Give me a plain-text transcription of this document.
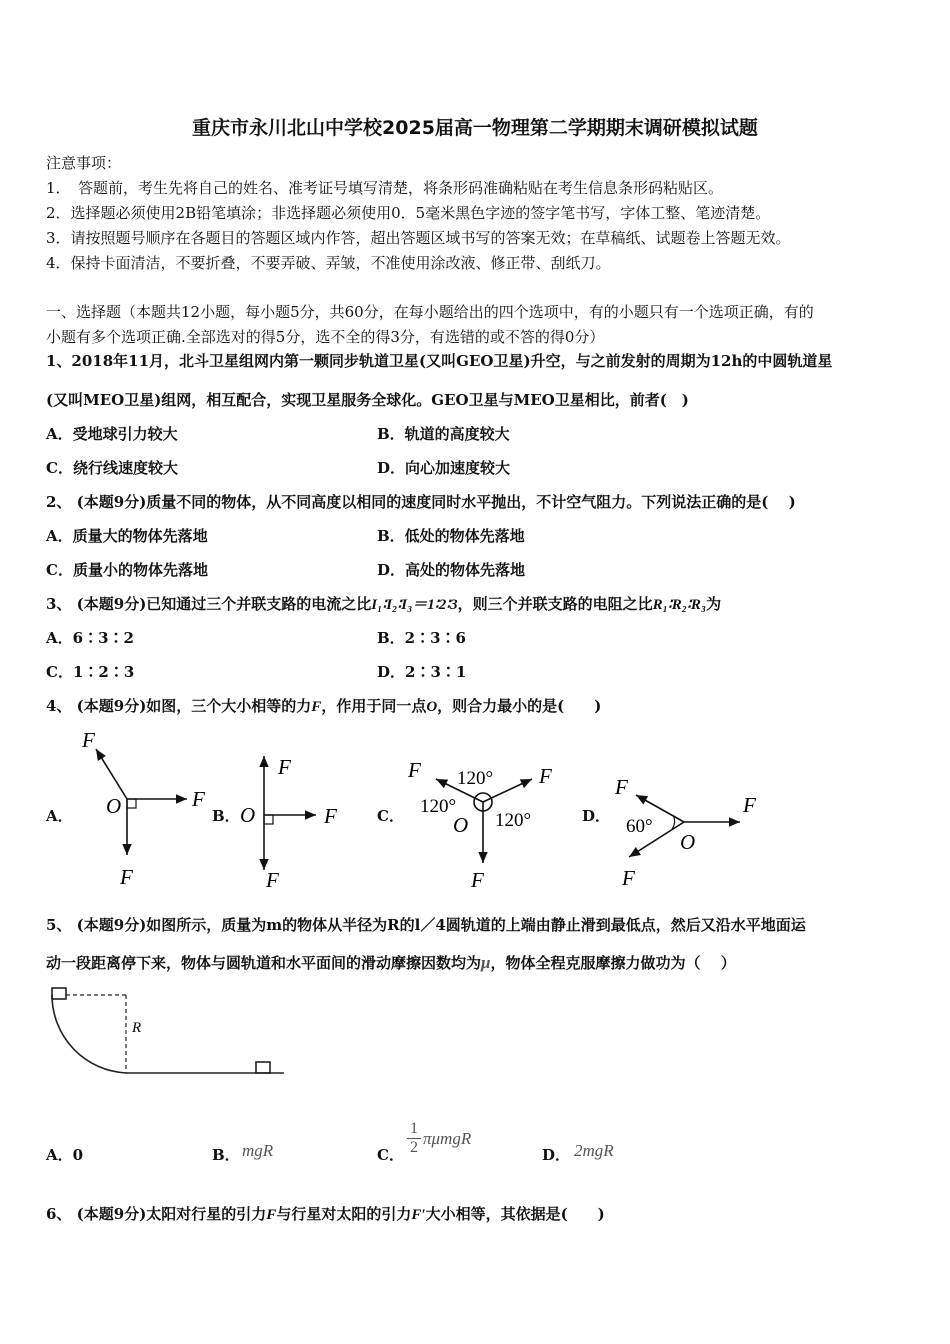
重庆市永川北山中学校2025届高一物理第二学期期末调研模拟试题
注意事项：
1．　答题前，考生先将自己的姓名、准考证号填写清楚，将条形码准确粘贴在考生信息条形码粘贴区。
2．选择题必须使用2B铅笔填涂；非选择题必须使用0．5毫米黑色字迹的签字笔书写，字体工整、笔迹清楚。
3．请按照题号顺序在各题目的答题区域内作答，超出答题区域书写的答案无效；在草稿纸、试题卷上答题无效。
4．保持卡面清洁，不要折叠，不要弄破、弄皱，不准使用涂改液、修正带、刮纸刀。
一、选择题（本题共12小题，每小题5分，共60分，在每小题给出的四个选项中，有的小题只有一个选项正确，有的
小题有多个选项正确.全部选对的得5分，选不全的得3分，有选错的或不答的得0分）
1、2018年11月，北斗卫星组网内第一颗同步轨道卫星(又叫GEO卫星)升空，与之前发射的周期为12h的中圆轨道星
(又叫MEO卫星)组网，相互配合，实现卫星服务全球化。GEO卫星与MEO卫星相比，前者(　)
A．受地球引力较大	B．轨道的高度较大
C．绕行线速度较大	D．向心加速度较大
2、 (本题9分)质量不同的物体，从不同高度以相同的速度同时水平抛出，不计空气阻力。下列说法正确的是(　 )
A．质量大的物体先落地	B．低处的物体先落地
C．质量小的物体先落地	D．高处的物体先落地
3、 (本题9分)已知通过三个并联支路的电流之比I₁∶I₂∶I₃＝1∶2∶3，则三个并联支路的电阻之比R₁∶R₂∶R₃为
A．6∶3∶2	B．2∶3∶6
C．1∶2∶3	D．2∶3∶1
4、 (本题9分)如图，三个大小相等的力F，作用于同一点O，则合力最小的是(　　)
A．	B．	C．	D．
F
F
F
O
F
F
F
O
F	F
F
120°
120°
120°
O
F
F
F
60°
O
5、 (本题9分)如图所示，质量为m的物体从半径为R的l／4圆轨道的上端由静止滑到最低点，然后又沿水平地面运
动一段距离停下来，物体与圆轨道和水平面间的滑动摩擦因数均为μ，物体全程克服摩擦力做功为（　 ）
R
A．0	B． mgR	C． $\frac{1}{2}$ πμmgR
D． 2mgR
6、 (本题9分)太阳对行星的引力F与行星对太阳的引力F′大小相等，其依据是(　　)
